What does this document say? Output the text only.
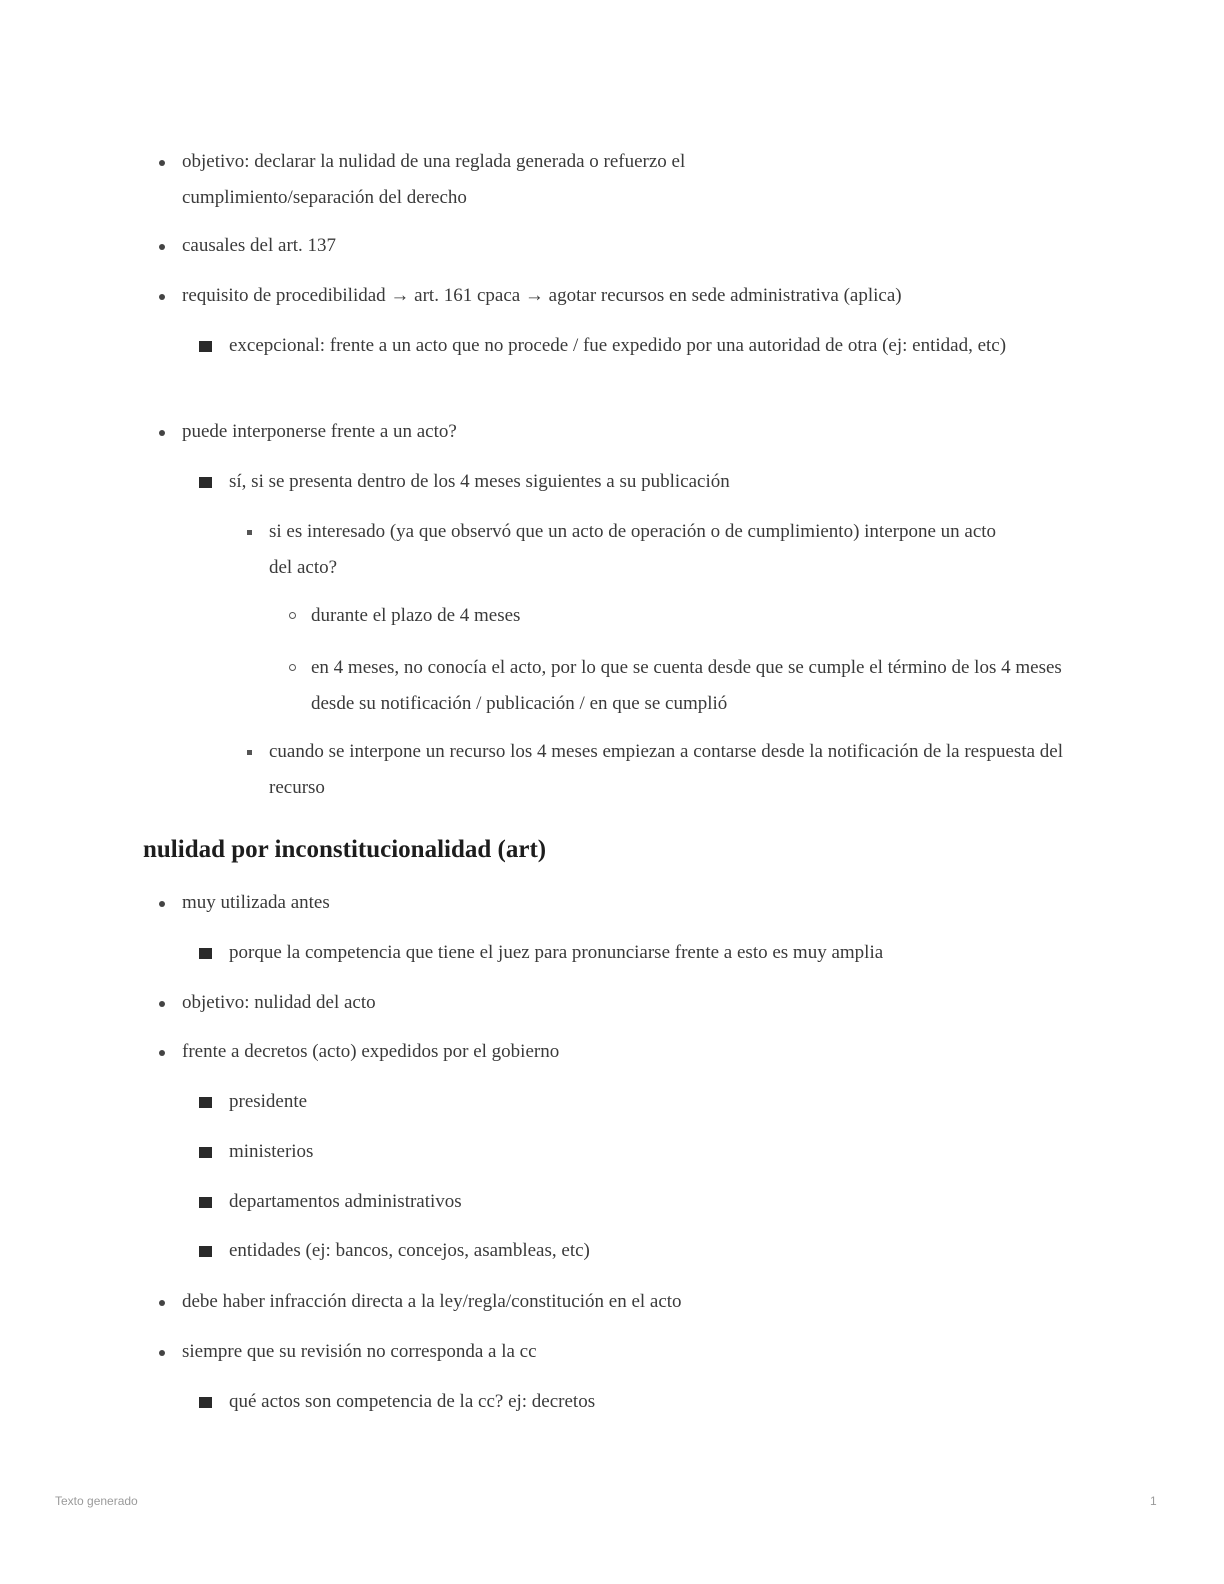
objetivo: declarar la nulidad de una reglada generada o refuerzo el cumplimiento/separación del derecho
causales del art. 137
requisito de procedibilidad → art. 161 cpaca → agotar recursos en sede administrativa (aplica)
excepcional: frente a un acto que no procede / fue expedido por una autoridad de otra (ej: entidad, etc)
puede interponerse frente a un acto?
sí, si se presenta dentro de los 4 meses siguientes a su publicación
si es interesado (ya que observó que un acto de operación o de cumplimiento) interpone un acto del acto?
durante el plazo de 4 meses
en 4 meses, no conocía el acto, por lo que se cuenta desde que se cumple el término de los 4 meses desde su notificación / publicación / en que se cumplió
cuando se interpone un recurso los 4 meses empiezan a contarse desde la notificación de la respuesta del recurso
nulidad por inconstitucionalidad (art)
muy utilizada antes
porque la competencia que tiene el juez para pronunciarse frente a esto es muy amplia
objetivo: nulidad del acto
frente a decretos (acto) expedidos por el gobierno
presidente
ministerios
departamentos administrativos
entidades (ej: bancos, concejos, asambleas, etc)
debe haber infracción directa a la ley/regla/constitución en el acto
siempre que su revisión no corresponda a la cc
qué actos son competencia de la cc? ej: decretos
Texto generado	1
